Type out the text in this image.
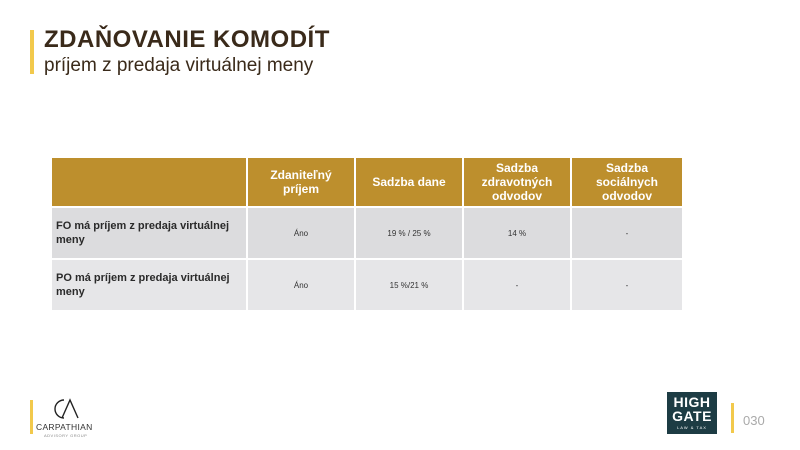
ZDAŇOVANIE KOMODÍT
príjem z predaja virtuálnej meny
	Zdaniteľný príjem	Sadzba dane	Sadzba zdravotných odvodov	Sadzba sociálnych odvodov
FO má príjem z predaja virtuálnej meny	Áno	19 % / 25 %	14 %	-
PO má príjem z predaja virtuálnej meny	Áno	15 %/21 %	-	-
CARPATHIAN
ADVISORY GROUP
HIGH
GATE
LAW & TAX	030
